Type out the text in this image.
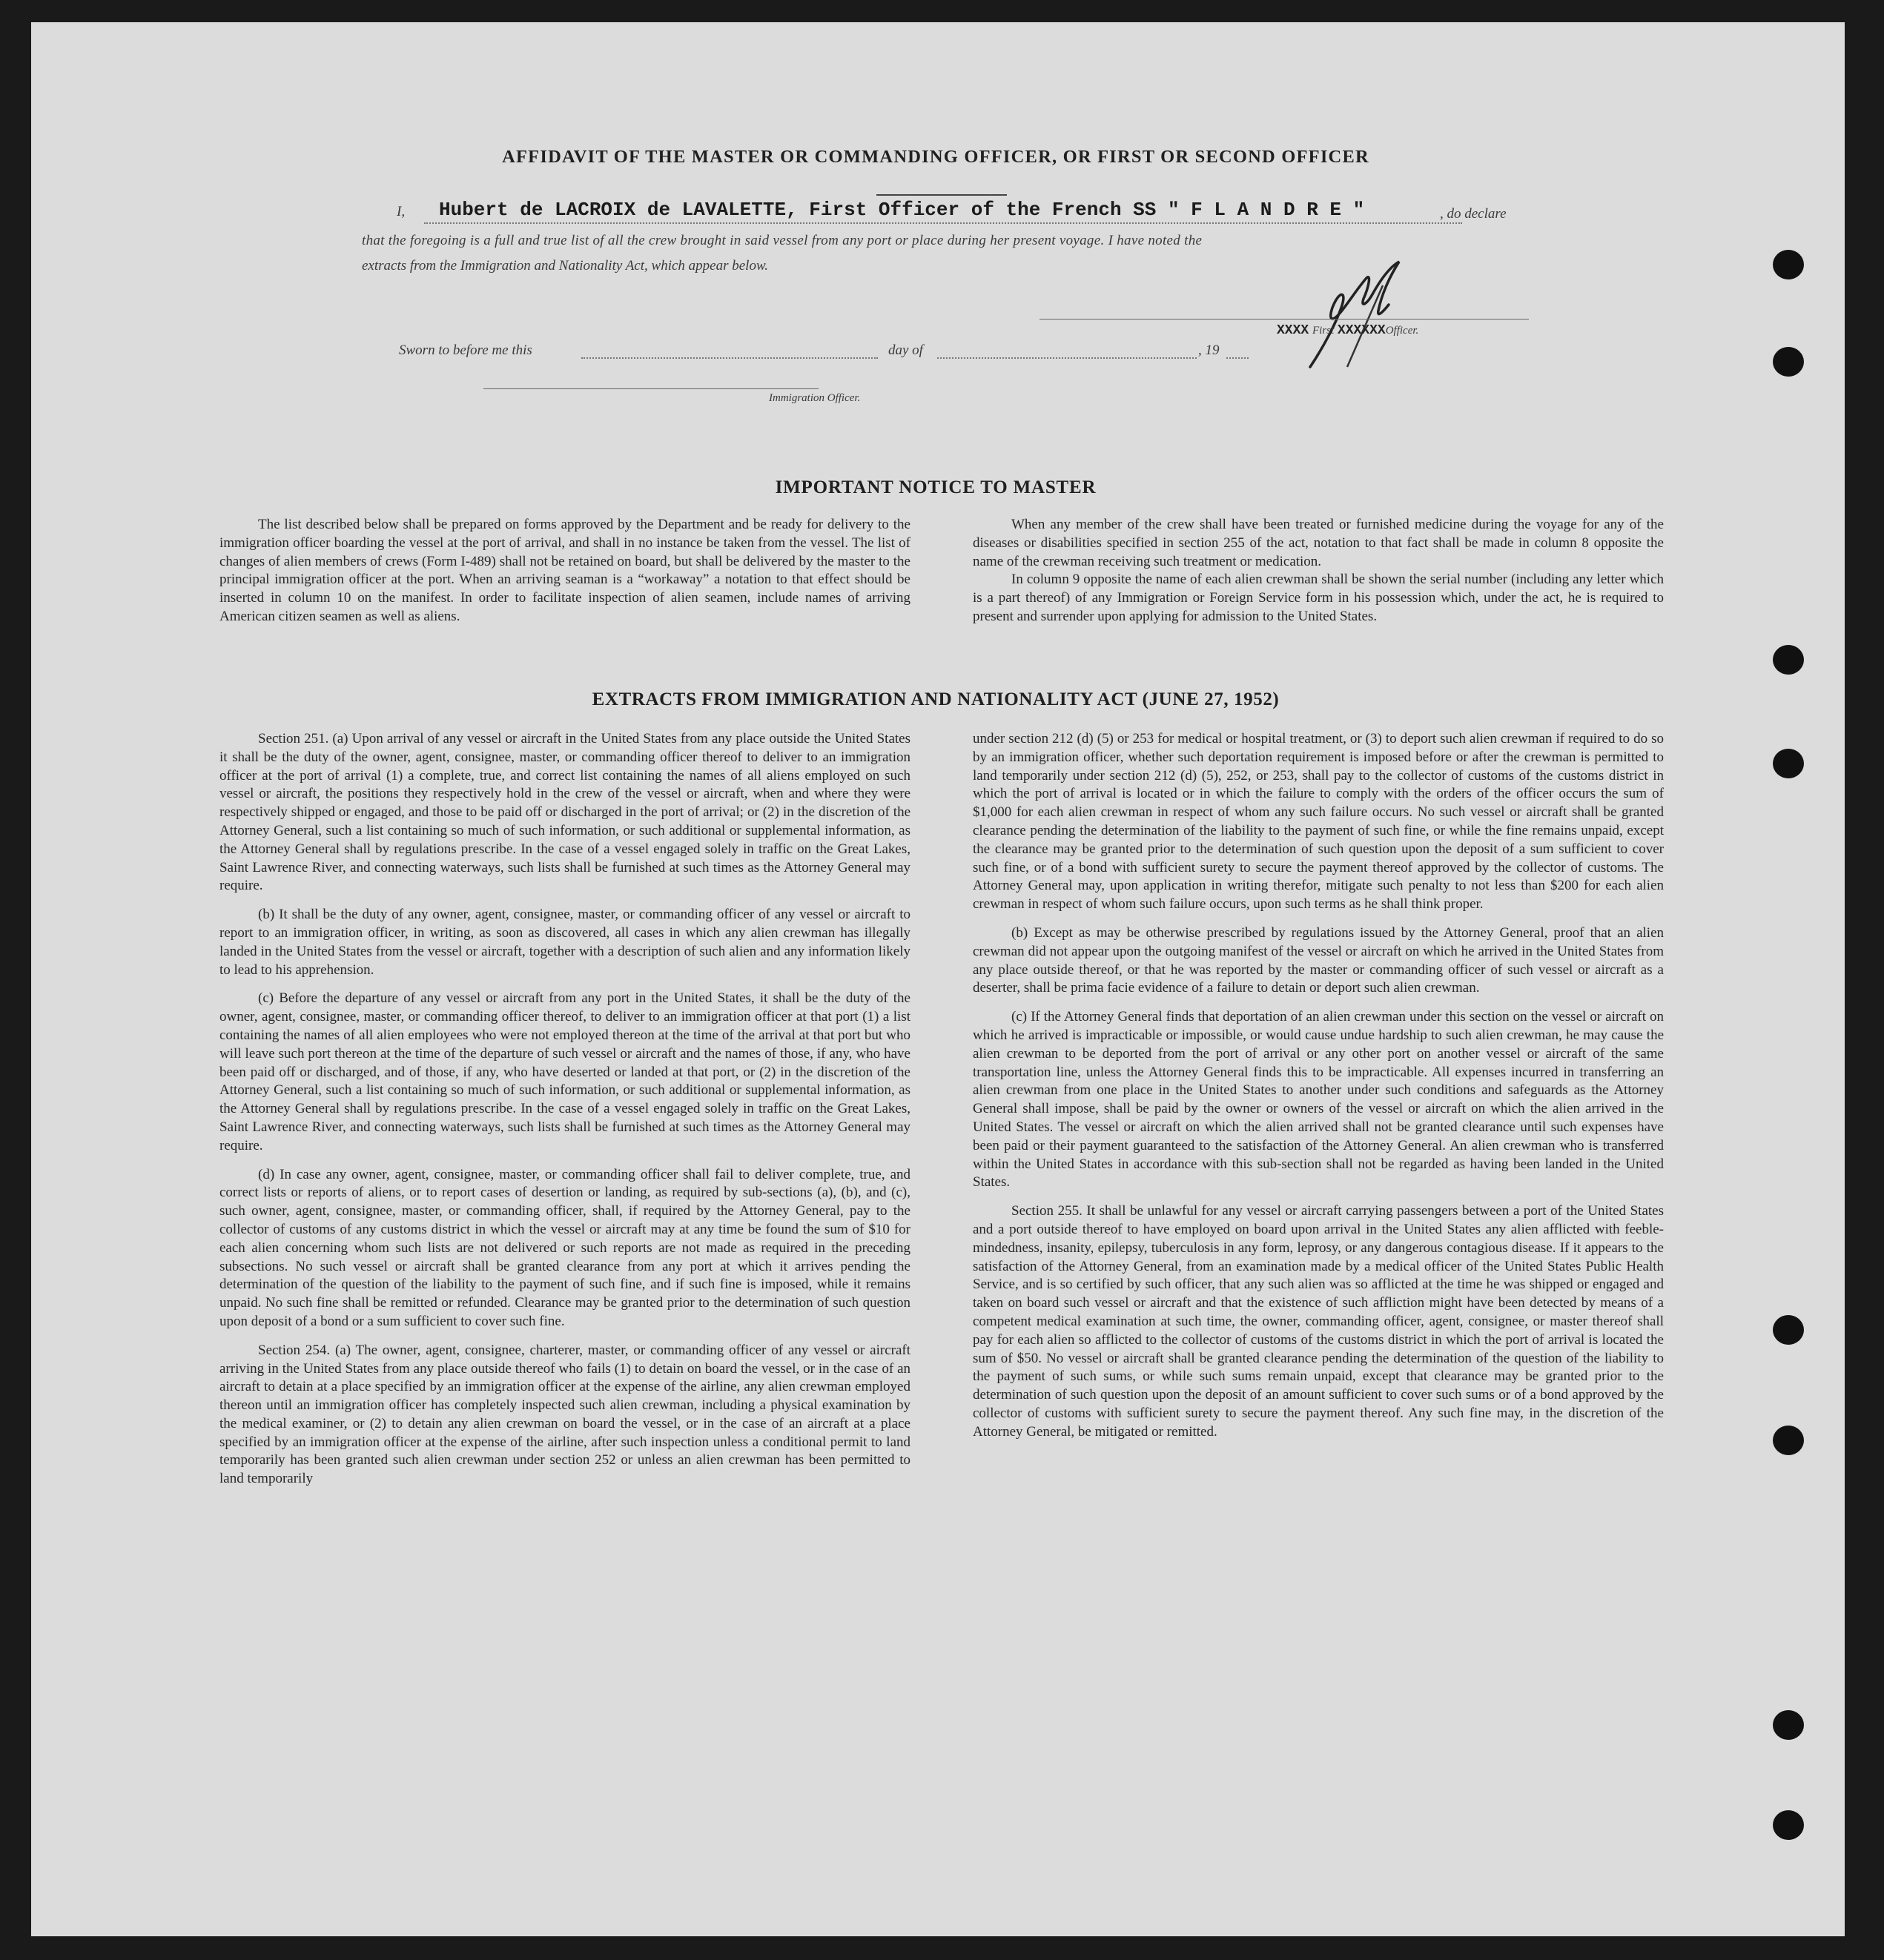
AFFIDAVIT OF THE MASTER OR COMMANDING OFFICER, OR FIRST OR SECOND OFFICER
I, Hubert de LACROIX de LAVALETTE, First Officer of the French SS " F L A N D R E "	, do declare
that the foregoing is a full and true list of all the crew brought in said vessel from any port or place during her present voyage. I have noted the
extracts from the Immigration and Nationality Act, which appear below.
XXXX First XXXXXXOfficer.
Sworn to before me this	day of	, 19
Immigration Officer.
IMPORTANT NOTICE TO MASTER

The list described below shall be prepared on forms approved by the Department and be ready for delivery to the immigration officer boarding the vessel at the port of arrival, and shall in no instance be taken from the vessel. The list of changes of alien members of crews (Form I-489) shall not be retained on board, but shall be delivered by the master to the principal immigration officer at the port. When an arriving seaman is a “workaway” a notation to that effect should be inserted in column 10 on the manifest. In order to facilitate inspection of alien seamen, include names of arriving American citizen seamen as well as aliens.

When any member of the crew shall have been treated or furnished medicine during the voyage for any of the diseases or disabilities specified in section 255 of the act, notation to that fact shall be made in column 8 opposite the name of the crewman receiving such treatment or medication.

In column 9 opposite the name of each alien crewman shall be shown the serial number (including any letter which is a part thereof) of any Immigration or Foreign Service form in his possession which, under the act, he is required to present and surrender upon applying for admission to the United States.

EXTRACTS FROM IMMIGRATION AND NATIONALITY ACT (JUNE 27, 1952)

Section 251. (a) Upon arrival of any vessel or aircraft in the United States from any place outside the United States it shall be the duty of the owner, agent, consignee, master, or commanding officer thereof to deliver to an immigration officer at the port of arrival (1) a complete, true, and correct list containing the names of all aliens employed on such vessel or aircraft, the positions they respectively hold in the crew of the vessel or aircraft, when and where they were respectively shipped or engaged, and those to be paid off or discharged in the port of arrival; or (2) in the discretion of the Attorney General, such a list containing so much of such information, or such additional or supplemental information, as the Attorney General shall by regulations prescribe. In the case of a vessel engaged solely in traffic on the Great Lakes, Saint Lawrence River, and connecting waterways, such lists shall be furnished at such times as the Attorney General may require.

(b) It shall be the duty of any owner, agent, consignee, master, or commanding officer of any vessel or aircraft to report to an immigration officer, in writing, as soon as discovered, all cases in which any alien crewman has illegally landed in the United States from the vessel or aircraft, together with a description of such alien and any information likely to lead to his apprehension.

(c) Before the departure of any vessel or aircraft from any port in the United States, it shall be the duty of the owner, agent, consignee, master, or commanding officer thereof, to deliver to an immigration officer at that port (1) a list containing the names of all alien employees who were not employed thereon at the time of the arrival at that port but who will leave such port thereon at the time of the departure of such vessel or aircraft and the names of those, if any, who have been paid off or discharged, and of those, if any, who have deserted or landed at that port, or (2) in the discretion of the Attorney General, such a list containing so much of such information, or such additional or supplemental information, as the Attorney General shall by regulations prescribe. In the case of a vessel engaged solely in traffic on the Great Lakes, Saint Lawrence River, and connecting waterways, such lists shall be furnished at such times as the Attorney General may require.

(d) In case any owner, agent, consignee, master, or commanding officer shall fail to deliver complete, true, and correct lists or reports of aliens, or to report cases of desertion or landing, as required by sub-sections (a), (b), and (c), such owner, agent, consignee, master, or commanding officer, shall, if required by the Attorney General, pay to the collector of customs of any customs district in which the vessel or aircraft may at any time be found the sum of $10 for each alien concerning whom such lists are not delivered or such reports are not made as required in the preceding subsections. No such vessel or aircraft shall be granted clearance from any port at which it arrives pending the determination of the question of the liability to the payment of such fine, and if such fine is imposed, while it remains unpaid. No such fine shall be remitted or refunded. Clearance may be granted prior to the determination of such question upon deposit of a bond or a sum sufficient to cover such fine.

Section 254. (a) The owner, agent, consignee, charterer, master, or commanding officer of any vessel or aircraft arriving in the United States from any place outside thereof who fails (1) to detain on board the vessel, or in the case of an aircraft to detain at a place specified by an immigration officer at the expense of the airline, any alien crewman employed thereon until an immigration officer has completely inspected such alien crewman, including a physical examination by the medical examiner, or (2) to detain any alien crewman on board the vessel, or in the case of an aircraft at a place specified by an immigration officer at the expense of the airline, after such inspection unless a conditional permit to land temporarily has been granted such alien crewman under section 252 or unless an alien crewman has been permitted to land temporarily

under section 212 (d) (5) or 253 for medical or hospital treatment, or (3) to deport such alien crewman if required to do so by an immigration officer, whether such deportation requirement is imposed before or after the crewman is permitted to land temporarily under section 212 (d) (5), 252, or 253, shall pay to the collector of customs of the customs district in which the port of arrival is located or in which the failure to comply with the orders of the officer occurs the sum of $1,000 for each alien crewman in respect of whom any such failure occurs. No such vessel or aircraft shall be granted clearance pending the determination of the liability to the payment of such fine, or while the fine remains unpaid, except the clearance may be granted prior to the determination of such question upon the deposit of a sum sufficient to cover such fine, or of a bond with sufficient surety to secure the payment thereof approved by the collector of customs. The Attorney General may, upon application in writing therefor, mitigate such penalty to not less than $200 for each alien crewman in respect of whom such failure occurs, upon such terms as he shall think proper.

(b) Except as may be otherwise prescribed by regulations issued by the Attorney General, proof that an alien crewman did not appear upon the outgoing manifest of the vessel or aircraft on which he arrived in the United States from any place outside thereof, or that he was reported by the master or commanding officer of such vessel or aircraft as a deserter, shall be prima facie evidence of a failure to detain or deport such alien crewman.

(c) If the Attorney General finds that deportation of an alien crewman under this section on the vessel or aircraft on which he arrived is impracticable or impossible, or would cause undue hardship to such alien crewman, he may cause the alien crewman to be deported from the port of arrival or any other port on another vessel or aircraft of the same transportation line, unless the Attorney General finds this to be impracticable. All expenses incurred in transferring an alien crewman from one place in the United States to another under such conditions and safeguards as the Attorney General shall impose, shall be paid by the owner or owners of the vessel or aircraft on which the alien arrived in the United States. The vessel or aircraft on which the alien arrived shall not be granted clearance until such expenses have been paid or their payment guaranteed to the satisfaction of the Attorney General. An alien crewman who is transferred within the United States in accordance with this sub-section shall not be regarded as having been landed in the United States.

Section 255. It shall be unlawful for any vessel or aircraft carrying passengers between a port of the United States and a port outside thereof to have employed on board upon arrival in the United States any alien afflicted with feeble-mindedness, insanity, epilepsy, tuberculosis in any form, leprosy, or any dangerous contagious disease. If it appears to the satisfaction of the Attorney General, from an examination made by a medical officer of the United States Public Health Service, and is so certified by such officer, that any such alien was so afflicted at the time he was shipped or engaged and taken on board such vessel or aircraft and that the existence of such affliction might have been detected by means of a competent medical examination at such time, the owner, commanding officer, agent, consignee, or master thereof shall pay for each alien so afflicted to the collector of customs of the customs district in which the port of arrival is located the sum of $50. No vessel or aircraft shall be granted clearance pending the determination of the question of the liability to the payment of such sums, or while such sums remain unpaid, except that clearance may be granted prior to the determination of such question upon the deposit of an amount sufficient to cover such sums or of a bond approved by the collector of customs with sufficient surety to secure the payment thereof. Any such fine may, in the discretion of the Attorney General, be mitigated or remitted.
